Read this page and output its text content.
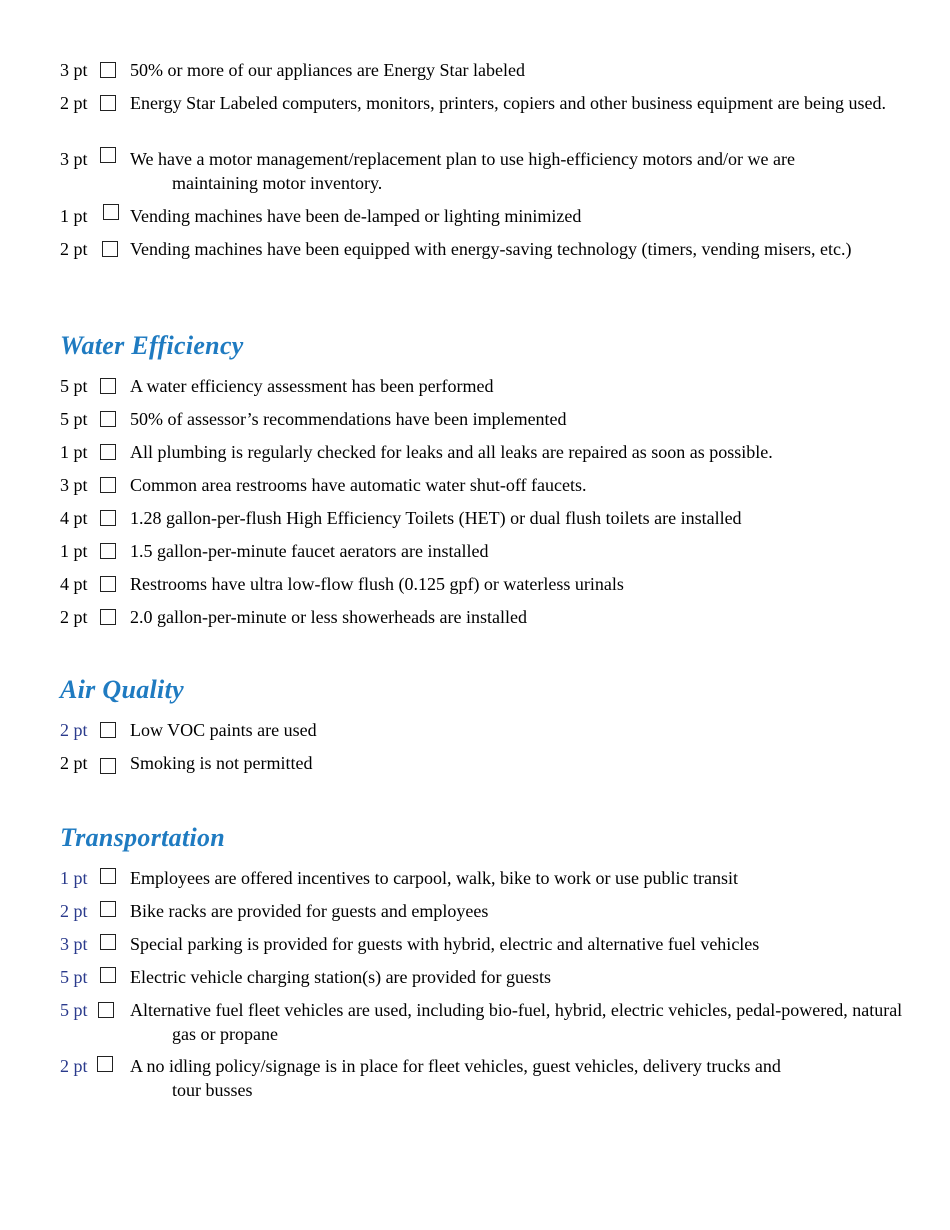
3 pt	50% or more of our appliances are Energy Star labeled
2 pt	Energy Star Labeled computers, monitors, printers, copiers and other business equipment are being used.
3 pt	We have a motor management/replacement plan to use high-efficiency motors and/or we are maintaining motor inventory.
1 pt	Vending machines have been de-lamped or lighting minimized
2 pt	Vending machines have been equipped with energy-saving technology (timers, vending misers, etc.)
Water Efficiency
5 pt	A water efficiency assessment has been performed
5 pt	50% of assessor’s recommendations have been implemented
1 pt	All plumbing is regularly checked for leaks and all leaks are repaired as soon as possible.
3 pt	Common area restrooms have automatic water shut-off faucets.
4 pt	1.28 gallon-per-flush High Efficiency Toilets (HET) or dual flush toilets are installed
1 pt	1.5 gallon-per-minute faucet aerators are installed
4 pt	Restrooms have ultra low-flow flush (0.125 gpf) or waterless urinals
2 pt	2.0 gallon-per-minute or less showerheads are installed
Air Quality
2 pt	Low VOC paints are used
2 pt	Smoking is not permitted
Transportation
1 pt	Employees are offered incentives to carpool, walk, bike to work or use public transit
2 pt	Bike racks are provided for guests and employees
3 pt	Special parking is provided for guests with hybrid, electric and alternative fuel vehicles
5 pt	Electric vehicle charging station(s) are provided for guests
5 pt	Alternative fuel fleet vehicles are used, including bio-fuel, hybrid, electric vehicles, pedal-powered, natural gas or propane
2 pt	A no idling policy/signage is in place for fleet vehicles, guest vehicles, delivery trucks and tour busses
